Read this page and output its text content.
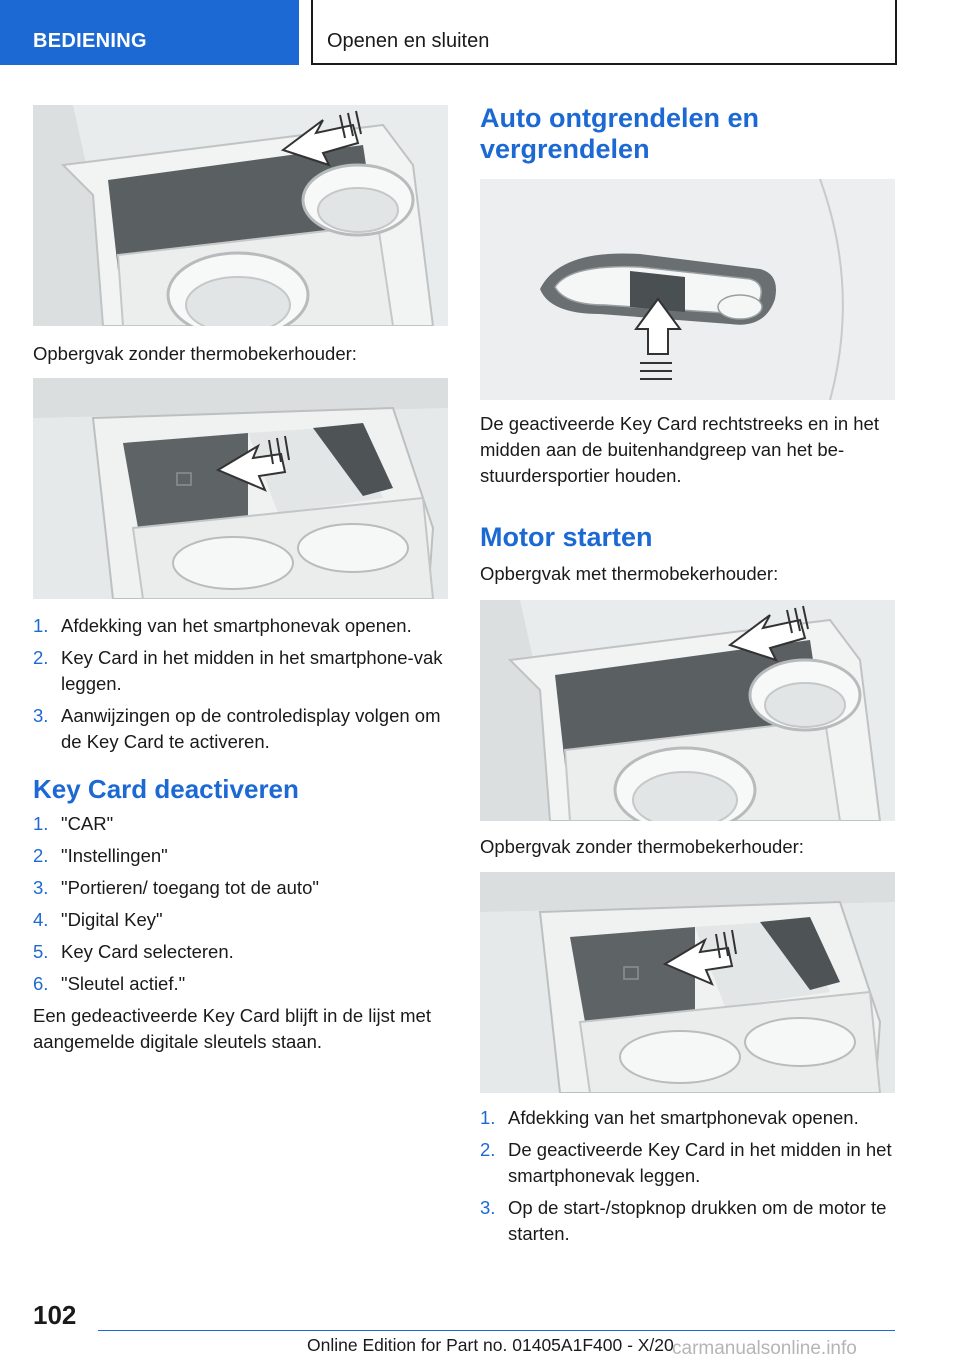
BEDIENING	Openen en sluiten
Opbergvak zonder thermobekerhouder:
1. Afdekking van het smartphonevak openen.
2. Key Card in het midden in het smartphone‐vak leggen.
3. Aanwijzingen op de controledisplay volgen om de Key Card te activeren.
Key Card deactiveren
1. "CAR"
2. "Instellingen"
3. "Portieren/ toegang tot de auto"
4. "Digital Key"
5. Key Card selecteren.
6. "Sleutel actief."
Een gedeactiveerde Key Card blijft in de lijst met aangemelde digitale sleutels staan.
Auto ontgrendelen en vergrendelen
De geactiveerde Key Card rechtstreeks en in het midden aan de buitenhandgreep van het be‐stuurdersportier houden.
Motor starten
Opbergvak met thermobekerhouder:
Opbergvak zonder thermobekerhouder:
1. Afdekking van het smartphonevak openen.
2. De geactiveerde Key Card in het midden in het smartphonevak leggen.
3. Op de start-/stopknop drukken om de motor te starten.
102
Online Edition for Part no. 01405A1F400 - X/20
carmanualsonline.info
